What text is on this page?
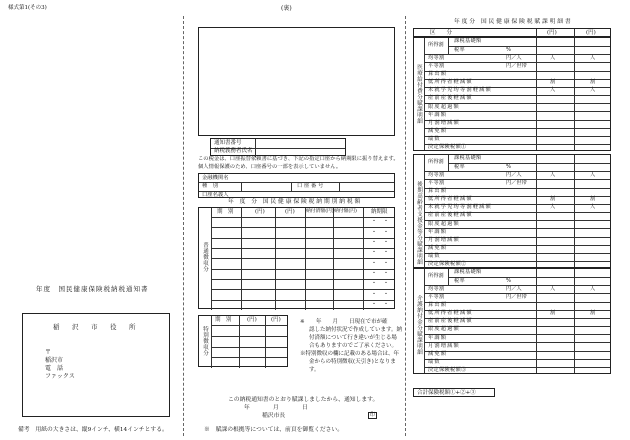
様式第1(その3)
年度　国民健康保険税納税通知書
稲　沢　市　役　所
〒
稲沢市
電　話
ファックス
備考　用紙の大きさは、縦9インチ、横14インチとする。
(裏)
通知書番号
納税義務者氏名
この税金は、口座振替依頼書に基づき、下記の指定口座から納期限に振り替えます。
個人情報保護のため、口座番号の一部を表示していません。
金融機関名
種　別	口 座 番 号
口座名義人
年　度　分　国 民 健 康 保 険 税 納 期 別 納 税 額
・　・
・　・
・　・
・　・
・　・
・　・
・　・
・　・
・　・
普通徴収分
期　別	(円)	(円) 納付済額(円) 納付額(円)	納期限
特別徴収分
期　別	(円)	(円)	※ 年　　月　　日現在で市が確
認した納付状況で作成しています。納
付済額について行き違いが生じる場
合もありますのでご了承ください。
※特別徴収の欄に記載のある場合は、年
金からの特別徴収(天引き)となりま
す。
この納税通知書のとおり賦課しましたから、通知します。
年　　　　月　　　　日
稲沢市長	印
※　賦課の根拠等については、前頁を御覧ください。
年 度 分　国 民 健 康 保 険 税 賦 課 明 細 書
区　　分	(円)	(円)
医療給付費分賦課明細
課税基礎額
税率	%
均等割	円／人	人	人
平等割	円／世帯
算出額
低所得者軽減額	割	割
未就学児均等割軽減額	人	人
産前産後軽減額
限度超過額
年調額
月割増減額
減免額
端数
決定保険税額①
所得割
後期高齢者支援金等分賦課明細
課税基礎額
税率	%
均等割	円／人	人	人
平等割	円／世帯
算出額
低所得者軽減額	割	割
未就学児均等割軽減額	人	人
産前産後軽減額
限度超過額
年調額
月割増減額
減免額
端数
決定保険税額②
所得割
介護納付金分賦課明細
課税基礎額
税率	%
均等割	円／人	人	人
平等割	円／世帯
算出額
低所得者軽減額	割	割
産前産後軽減額
限度超過額
年調額
月割増減額
減免額
端数
決定保険税額③
所得割
合計保険税額①+②+③
